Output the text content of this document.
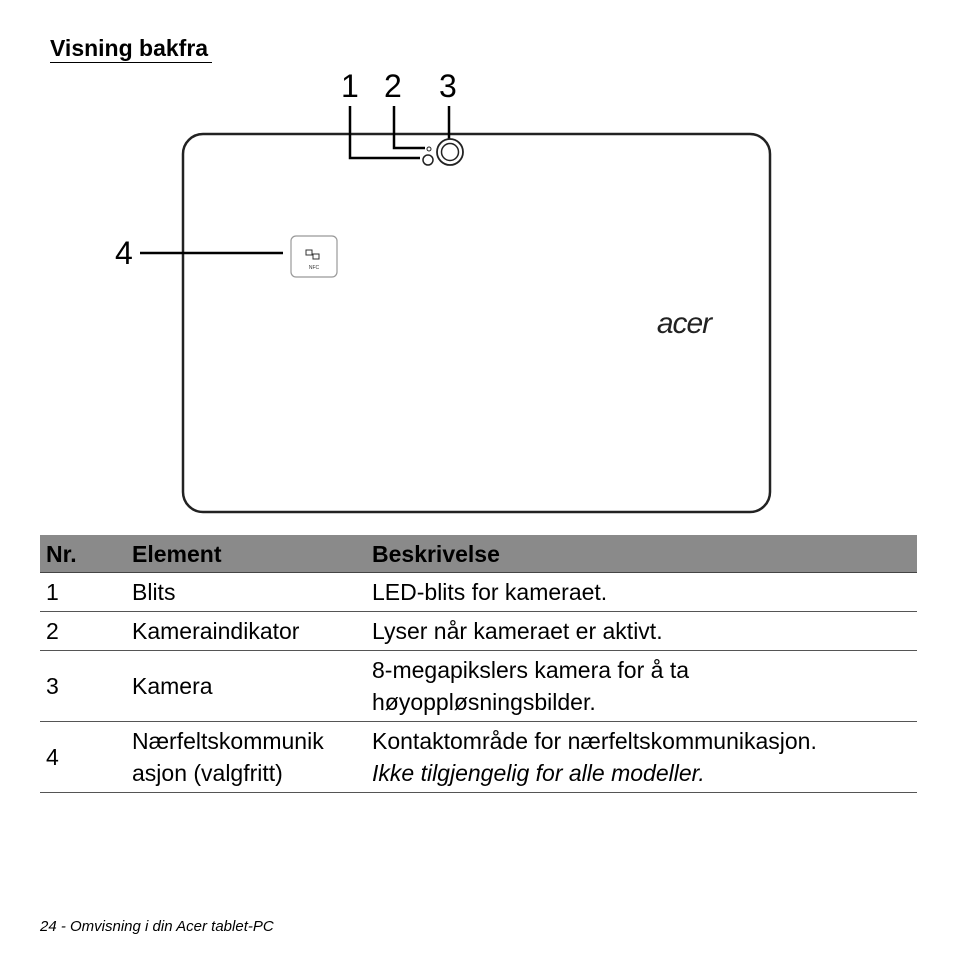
Visning bakfra
NFC
acer
1 2 3
4
Nr.	Element	Beskrivelse
1	Blits	LED-blits for kameraet.
2	Kameraindikator	Lyser når kameraet er aktivt.
3	Kamera	8-megapikslers kamera for å ta høyoppløsningsbilder.
4	Nærfeltskommunik asjon (valgfritt)	Kontaktområde for nærfeltskommunikasjon.
Ikke tilgjengelig for alle modeller.
24 - Omvisning i din Acer tablet-PC
